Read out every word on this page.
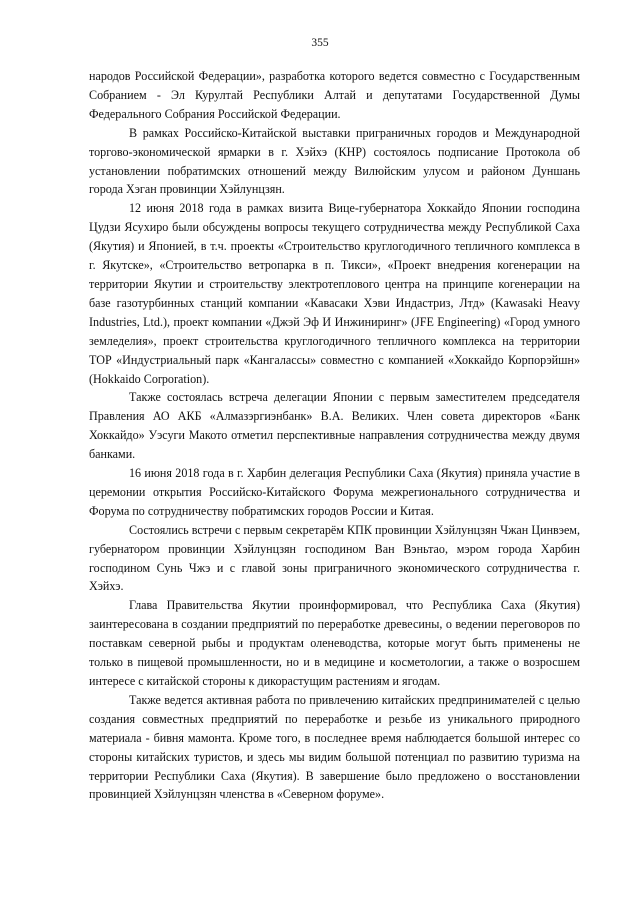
355

народов Российской Федерации», разработка которого ведется совместно с Государственным Собранием - Эл Курултай Республики Алтай и депутатами Государственной Думы Федерального Собрания Российской Федерации.

В рамках Российско-Китайской выставки приграничных городов и Международной торгово-экономической ярмарки в г. Хэйхэ (КНР) состоялось подписание Протокола об установлении побратимских отношений между Вилюйским улусом и районом Дуншань города Хэган провинции Хэйлунцзян.

12 июня 2018 года в рамках визита Вице-губернатора Хоккайдо Японии господина Цудзи Ясухиро были обсуждены вопросы текущего сотрудничества между Республикой Саха (Якутия) и Японией, в т.ч. проекты «Строительство круглогодичного тепличного комплекса в г. Якутске», «Строительство ветропарка в п. Тикси», «Проект внедрения когенерации на территории Якутии и строительству электротеплового центра на принципе когенерации на базе газотурбинных станций компании «Кавасаки Хэви Индастриз, Лтд» (Kawasaki Heavy Industries, Ltd.), проект компании «Джэй Эф И Инжиниринг» (JFE Engineering) «Город умного земледелия», проект строительства круглогодичного тепличного комплекса на территории ТОР «Индустриальный парк «Кангалассы» совместно с компанией «Хоккайдо Корпорэйшн» (Hokkaido Corporation).

Также состоялась встреча делегации Японии с первым заместителем председателя Правления АО АКБ «Алмазэргиэнбанк» В.А. Великих. Член совета директоров «Банк Хоккайдо» Уэсуги Макото отметил перспективные направления сотрудничества между двумя банками.

16 июня 2018 года в г. Харбин делегация Республики Саха (Якутия) приняла участие в церемонии открытия Российско-Китайского Форума межрегионального сотрудничества и Форума по сотрудничеству побратимских городов России и Китая.

Состоялись встречи с первым секретарём КПК провинции Хэйлунцзян Чжан Цинвэем, губернатором провинции Хэйлунцзян господином Ван Вэньтао, мэром города Харбин господином Сунь Чжэ и с главой зоны приграничного экономического сотрудничества г. Хэйхэ.

Глава Правительства Якутии проинформировал, что Республика Саха (Якутия) заинтересована в создании предприятий по переработке древесины, о ведении переговоров по поставкам северной рыбы и продуктам оленеводства, которые могут быть применены не только в пищевой промышленности, но и в медицине и косметологии, а также о возросшем интересе с китайской стороны к дикорастущим растениям и ягодам.

Также ведется активная работа по привлечению китайских предпринимателей с целью создания совместных предприятий по переработке и резьбе из уникального природного материала - бивня мамонта. Кроме того, в последнее время наблюдается большой интерес со стороны китайских туристов, и здесь мы видим большой потенциал по развитию туризма на территории Республики Саха (Якутия). В завершение было предложено о восстановлении провинцией Хэйлунцзян членства в «Северном форуме».
